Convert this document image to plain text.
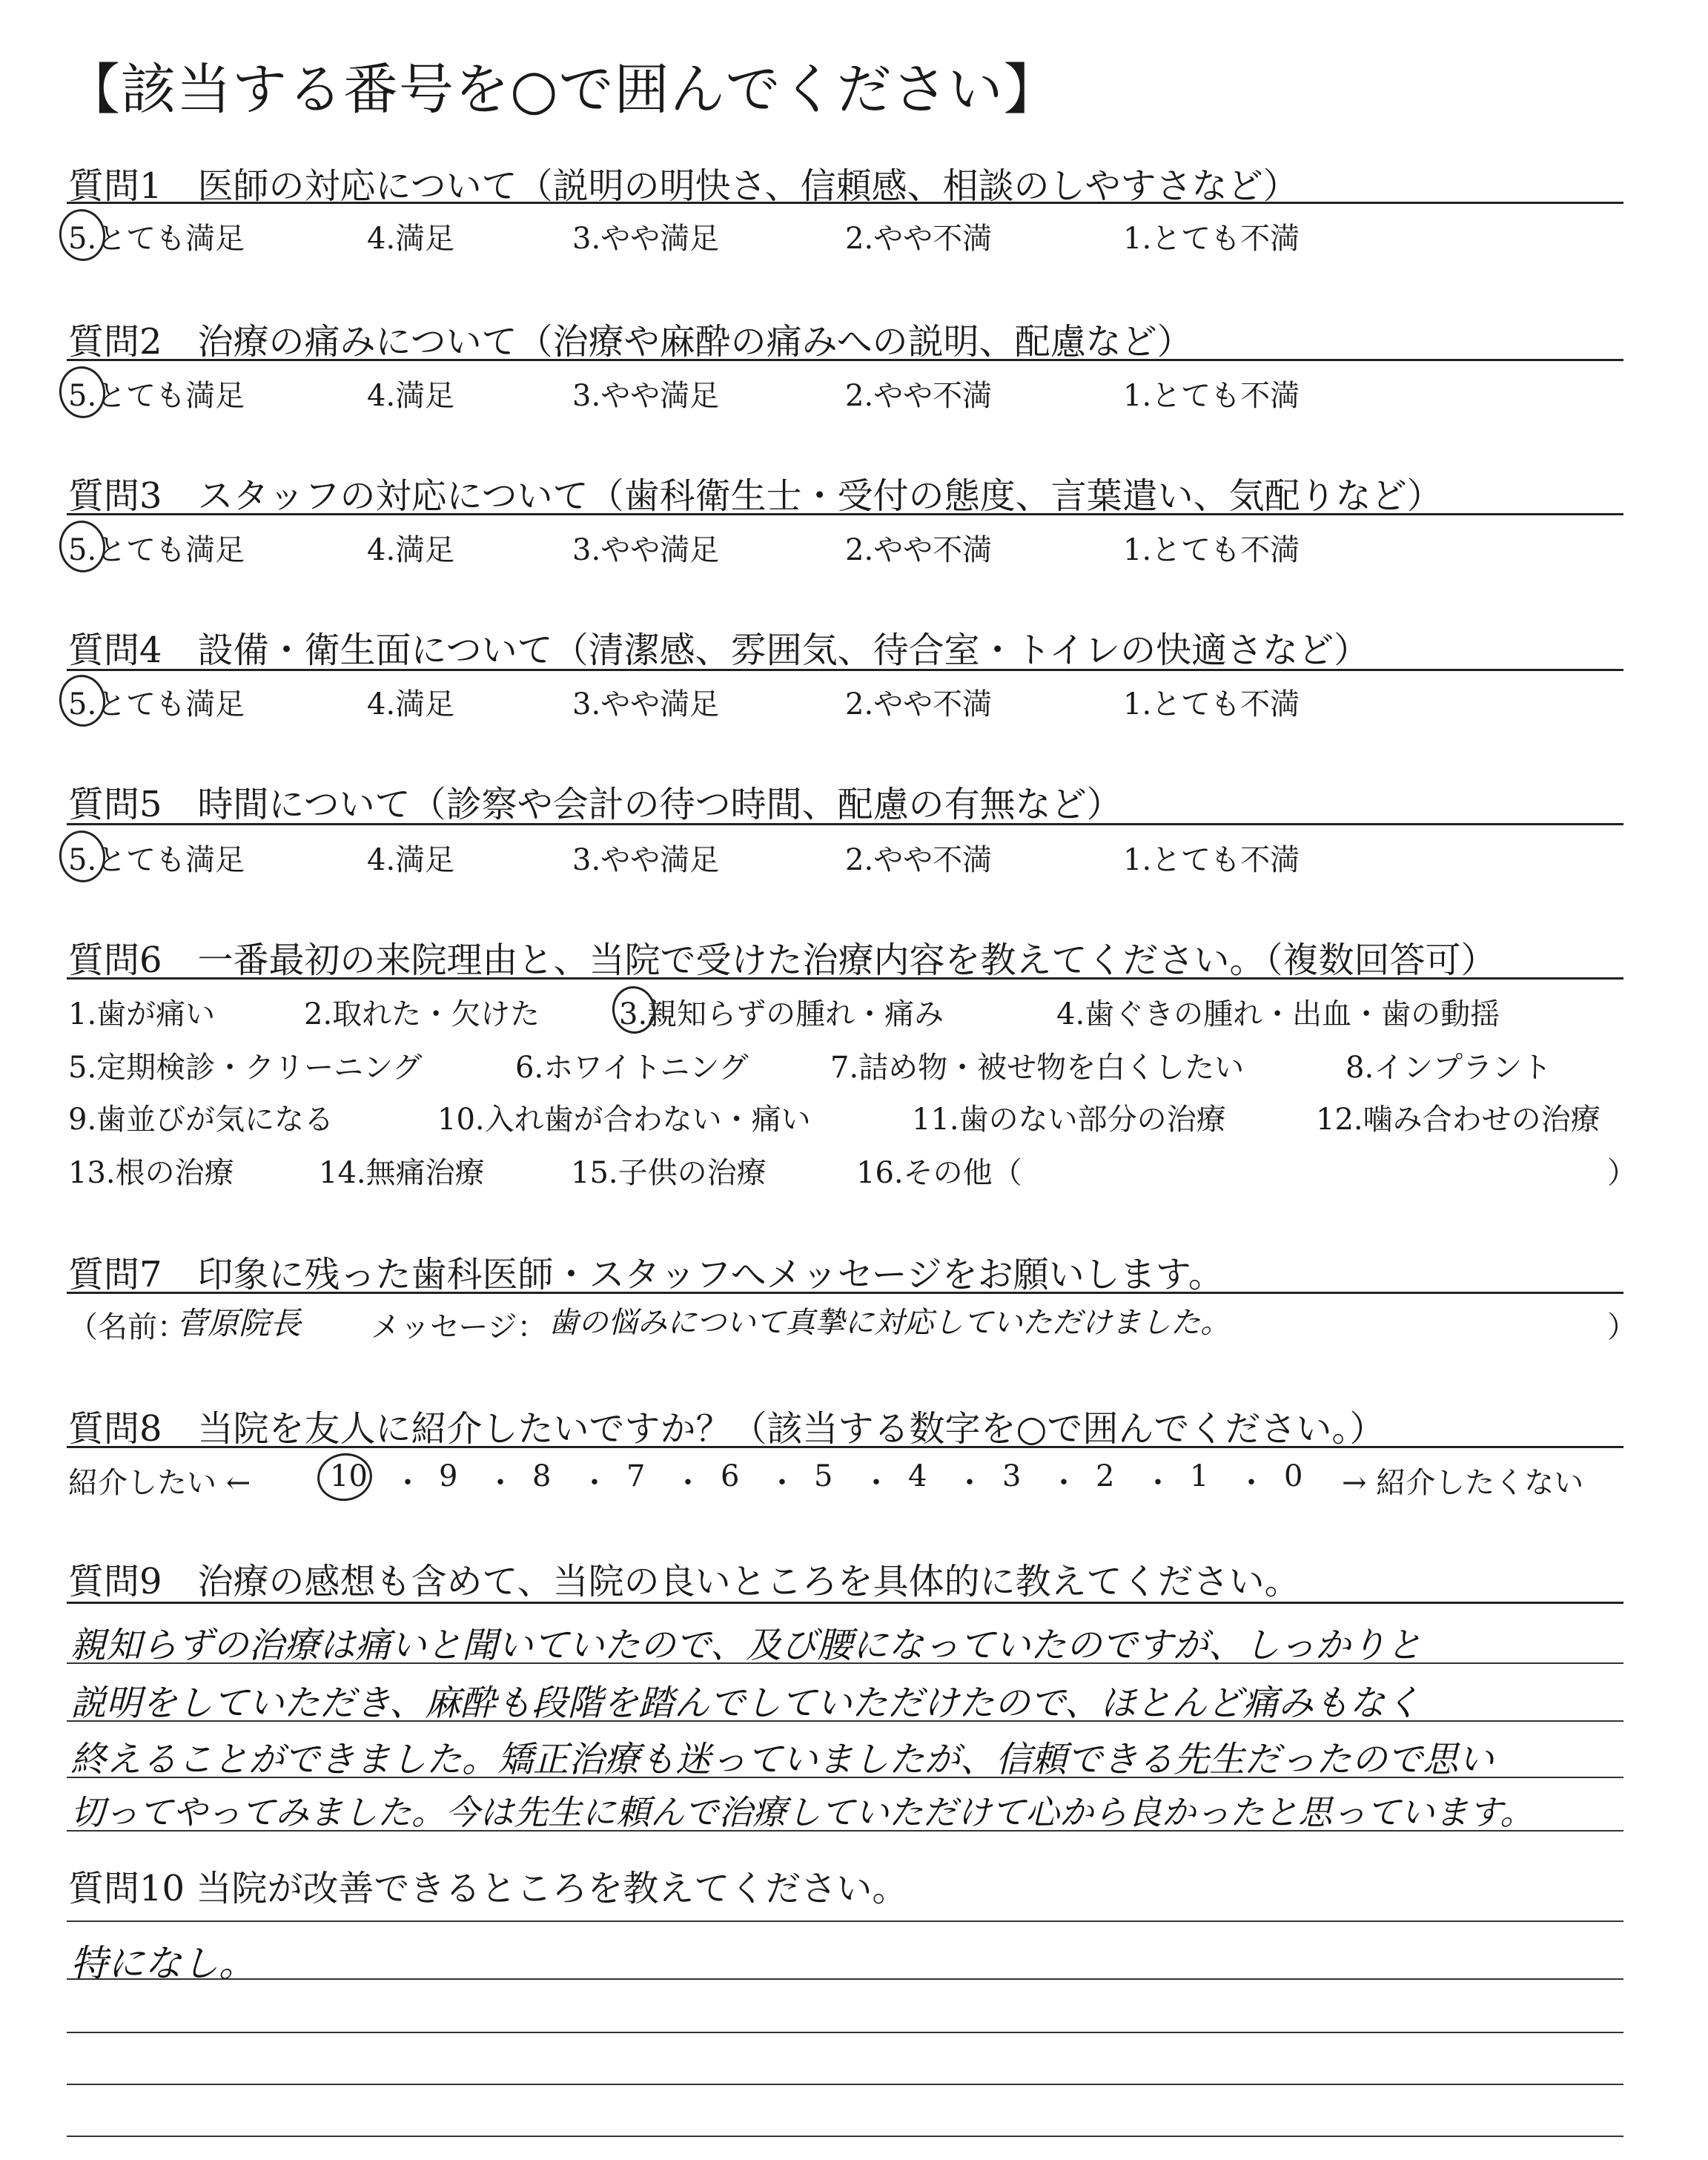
【該当する番号を○で囲んでください】
質問1　医師の対応について（説明の明快さ、信頼感、相談のしやすさなど）
5.とても満足	4.満足	3.やや満足	2.やや不満	1.とても不満
質問2　治療の痛みについて（治療や麻酔の痛みへの説明、配慮など）
5.とても満足	4.満足	3.やや満足	2.やや不満	1.とても不満
質問3　スタッフの対応について（歯科衛生士・受付の態度、言葉遣い、気配りなど）
5.とても満足	4.満足	3.やや満足	2.やや不満	1.とても不満
質問4　設備・衛生面について（清潔感、雰囲気、待合室・トイレの快適さなど）
5.とても満足	4.満足	3.やや満足	2.やや不満	1.とても不満
質問5　時間について（診察や会計の待つ時間、配慮の有無など）
5.とても満足	4.満足	3.やや満足	2.やや不満	1.とても不満
質問6　一番最初の来院理由と、当院で受けた治療内容を教えてください。（複数回答可）
1.歯が痛い	2.取れた・欠けた	3.親知らずの腫れ・痛み	4.歯ぐきの腫れ・出血・歯の動揺
5.定期検診・クリーニング	6.ホワイトニング	7.詰め物・被せ物を白くしたい	8.インプラント
9.歯並びが気になる	10.入れ歯が合わない・痛い	11.歯のない部分の治療	12.噛み合わせの治療
13.根の治療	14.無痛治療	15.子供の治療	16.その他（	）
質問7　印象に残った歯科医師・スタッフへメッセージをお願いします。
（名前：
菅原院長 メッセージ： 歯の悩みについて真摯に対応していただけました。	）
質問8　当院を友人に紹介したいですか？（該当する数字を○で囲んでください。）
紹介したい ←	10 ・ 9 ・ 8 ・ 7 ・ 6 ・ 5 ・ 4 ・ 3 ・ 2 ・ 1 ・ 0 → 紹介したくない
質問9　治療の感想も含めて、当院の良いところを具体的に教えてください。
親知らずの治療は痛いと聞いていたので、及び腰になっていたのですが、しっかりと
説明をしていただき、麻酔も段階を踏んでしていただけたので、ほとんど痛みもなく
終えることができました。矯正治療も迷っていましたが、信頼できる先生だったので思い
切ってやってみました。今は先生に頼んで治療していただけて心から良かったと思っています。
質問10 当院が改善できるところを教えてください。
特になし。
